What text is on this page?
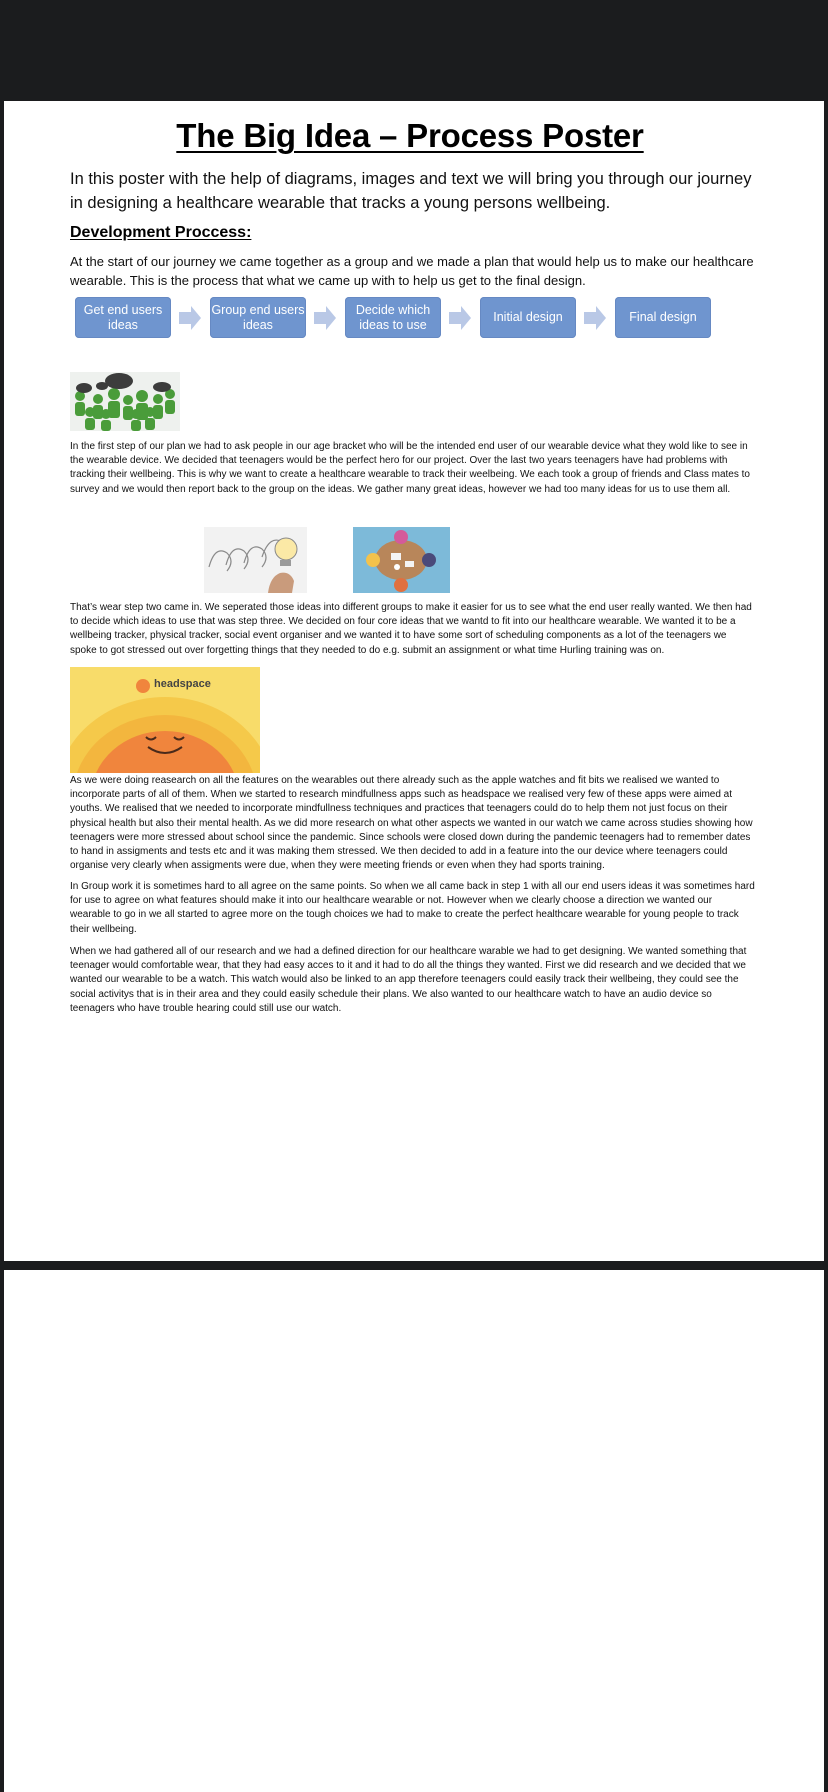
The Big Idea – Process Poster
In this poster with the help of diagrams, images and text we will bring you through our journey in designing a healthcare wearable that tracks a young persons wellbeing.
Development Proccess:
At the start of our journey we came together as a group and we made a plan that would help us to make our healthcare wearable. This is the process that what we came up with to help us get to the final design.
Get end users ideas
Group end users ideas
Decide which ideas to use
Initial design	Final design
In the first step of our plan we had to ask people in our age bracket who will be the intended end user of our wearable device what they wold like to see in the wearable device. We decided that teenagers would be the perfect hero for our project. Over the last two years teenagers have had problems with tracking their wellbeing. This is why we want to create a healthcare wearable to track their weelbeing. We each took a group of friends and Class mates to survey and we would then report back to the group on the ideas. We gather many great ideas, however we had too many ideas for us to use them all.
That’s wear step two came in. We seperated those ideas into different groups to make it easier for us to see what the end user really wanted. We then had to decide which ideas to use that was step three. We decided on four core ideas that we wantd to fit into our healthcare wearable. We wanted it to be a wellbeing tracker, physical tracker, social event organiser and we wanted it to have some sort of scheduling components as a lot of the teenagers we spoke to got stressed out over forgetting things that they needed to do e.g. submit an assignment or what time Hurling training was on.
headspace
As we were doing reasearch on all the features on the wearables out there already such as the apple watches and fit bits we realised we wanted to incorporate parts of all of them. When we started to research mindfullness apps such as headspace we realised very few of these apps were aimed at youths. We realised that we needed to incorporate mindfullness techniques and practices that teenagers could do to help them not just focus on their physical health but also their mental health. As we did more research on what other aspects we wanted in our watch we came across studies showing how teenagers were more stressed about school since the pandemic. Since schools were closed down during the pandemic teenagers had to remember dates to hand in assigments and tests etc and it was making them stressed. We then decided to add in a feature into the our device where teenagers could organise very clearly when assigments were due, when they were meeting friends or even when they had sports training.
In Group work it is sometimes hard to all agree on the same points. So when we all came back in step 1 with all our end users ideas it was sometimes hard for use to agree on what features should make it into our healthcare wearable or not. However when we clearly choose a direction we wanted our wearable to go in we all started to agree more on the tough choices we had to make to create the perfect healthcare wearable for young people to track their wellbeing.
When we had gathered all of our research and we had a defined direction for our healthcare warable we had to get designing. We wanted something that teenager would comfortable wear, that they had easy acces to it and it had to do all the things they wanted. First we did research and we decided that we wanted our wearable to be a watch. This watch would also be linked to an app therefore teenagers could easily track their wellbeing, they could see the social activitys that is in their area and they could easily schedule their plans. We also wanted to our healthcare watch to have an audio device so teenagers who have trouble hearing could still use our watch.
